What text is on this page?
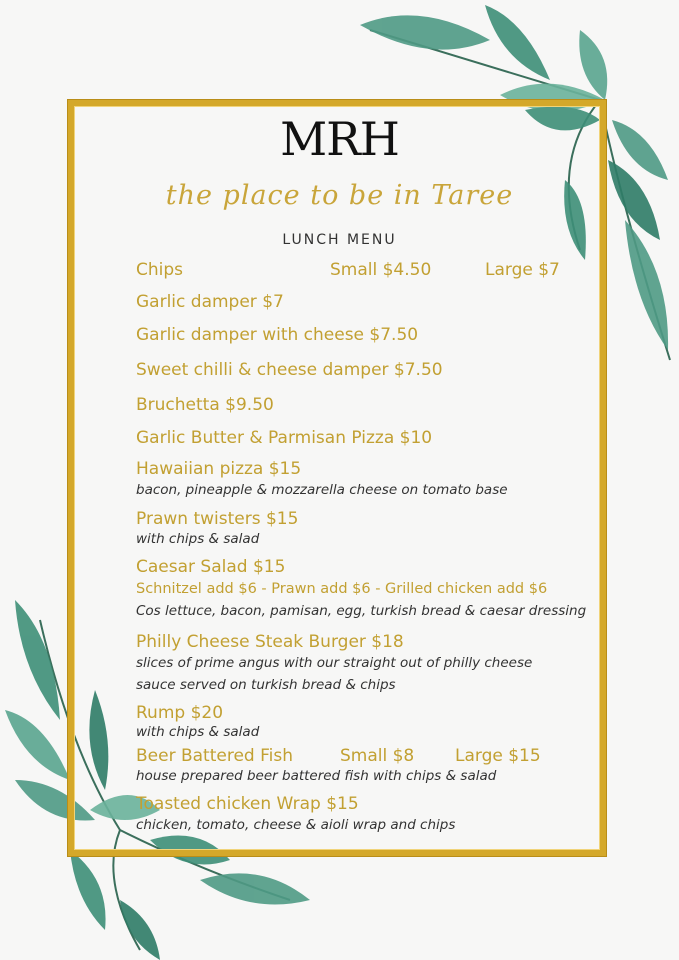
MRH
the place to be in Taree
LUNCH MENU
Chips	Small $4.50	Large $7
Garlic damper $7
Garlic damper with cheese $7.50
Sweet chilli & cheese damper $7.50
Bruchetta $9.50
Garlic Butter & Parmisan Pizza $10
Hawaiian pizza $15
bacon, pineapple & mozzarella cheese on tomato base
Prawn twisters $15
with chips & salad
Caesar Salad $15
Schnitzel add $6 - Prawn add $6 - Grilled chicken add $6
Cos lettuce, bacon, pamisan, egg, turkish bread & caesar dressing
Philly Cheese Steak Burger $18
slices of prime angus with our straight out of philly cheese
sauce served on turkish bread & chips
Rump $20
with chips & salad
Beer Battered Fish	Small $8 Large $15
house prepared beer battered fish with chips & salad
Toasted chicken Wrap $15
chicken, tomato, cheese & aioli wrap and chips
